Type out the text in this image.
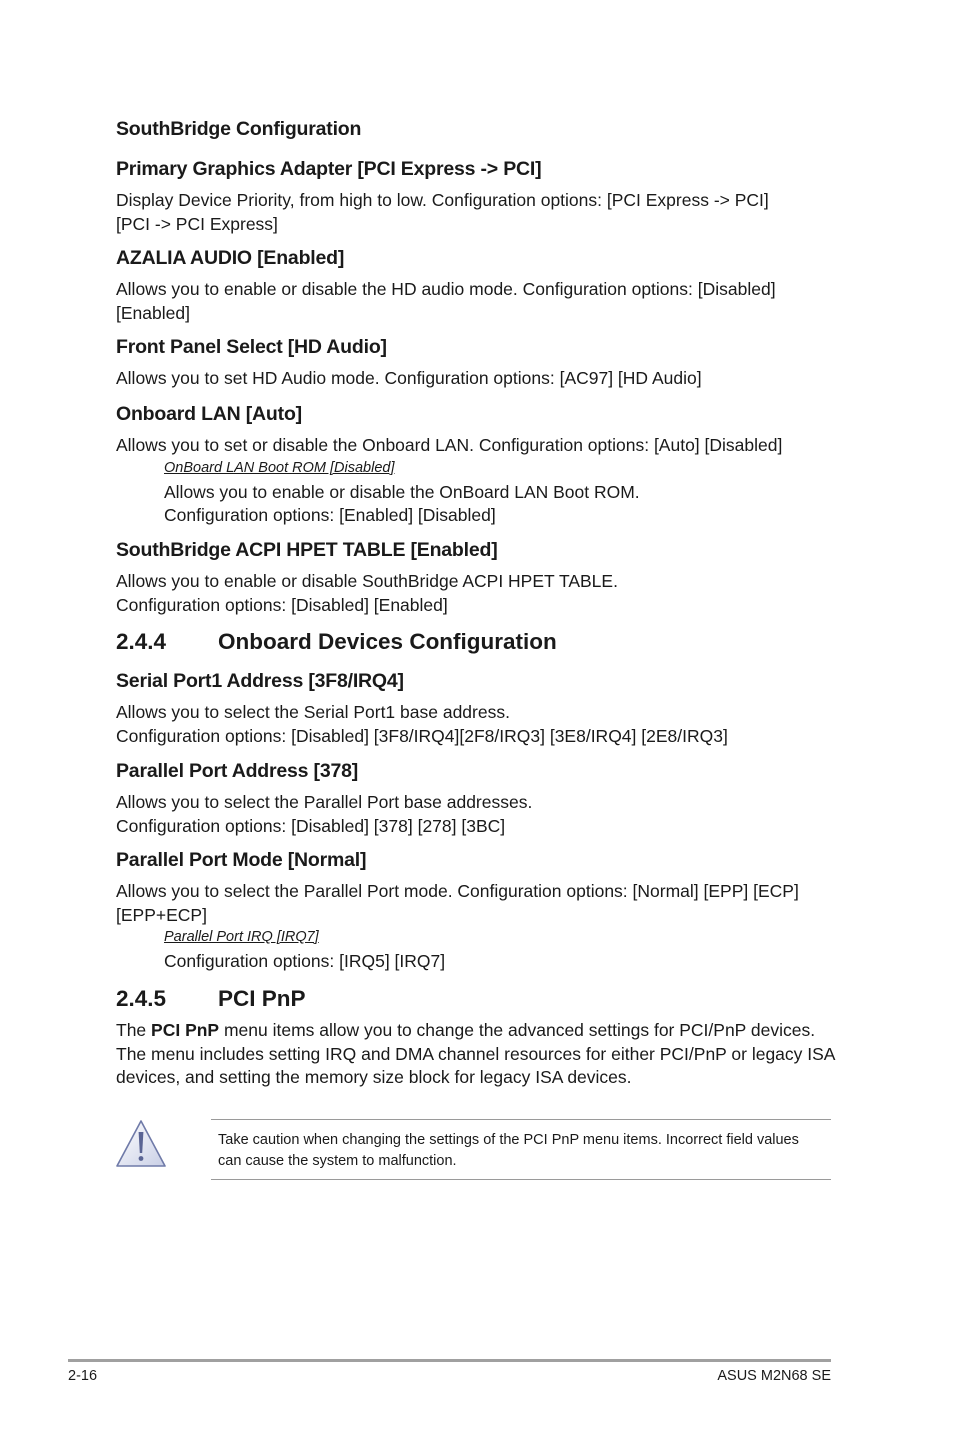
SouthBridge Configuration
Primary Graphics Adapter [PCI Express -> PCI]
Display Device Priority, from high to low. Configuration options: [PCI Express -> PCI]
[PCI -> PCI Express]
AZALIA AUDIO [Enabled]
Allows you to enable or disable the HD audio mode. Configuration options: [Disabled]
[Enabled]
Front Panel Select [HD Audio]
Allows you to set HD Audio mode. Configuration options: [AC97] [HD Audio]
Onboard LAN [Auto]
Allows you to set or disable the Onboard LAN. Configuration options: [Auto] [Disabled]
OnBoard LAN Boot ROM [Disabled]
Allows you to enable or disable the OnBoard LAN Boot ROM.
Configuration options: [Enabled] [Disabled]
SouthBridge ACPI HPET TABLE [Enabled]
Allows you to enable or disable SouthBridge ACPI HPET TABLE.
Configuration options: [Disabled] [Enabled]
2.4.4 Onboard Devices Configuration
Serial Port1 Address [3F8/IRQ4]
Allows you to select the Serial Port1 base address.
Configuration options: [Disabled] [3F8/IRQ4][2F8/IRQ3] [3E8/IRQ4] [2E8/IRQ3]
Parallel Port Address [378]
Allows you to select the Parallel Port base addresses.
Configuration options: [Disabled] [378] [278] [3BC]
Parallel Port Mode [Normal]
Allows you to select the Parallel Port mode. Configuration options: [Normal] [EPP] [ECP]
[EPP+ECP]
Parallel Port IRQ [IRQ7]
Configuration options: [IRQ5] [IRQ7]
2.4.5 PCI PnP
The PCI PnP menu items allow you to change the advanced settings for PCI/PnP devices.
The menu includes setting IRQ and DMA channel resources for either PCI/PnP or legacy ISA
devices, and setting the memory size block for legacy ISA devices.
Take caution when changing the settings of the PCI PnP menu items. Incorrect field values
can cause the system to malfunction.
2-16	ASUS M2N68 SE
